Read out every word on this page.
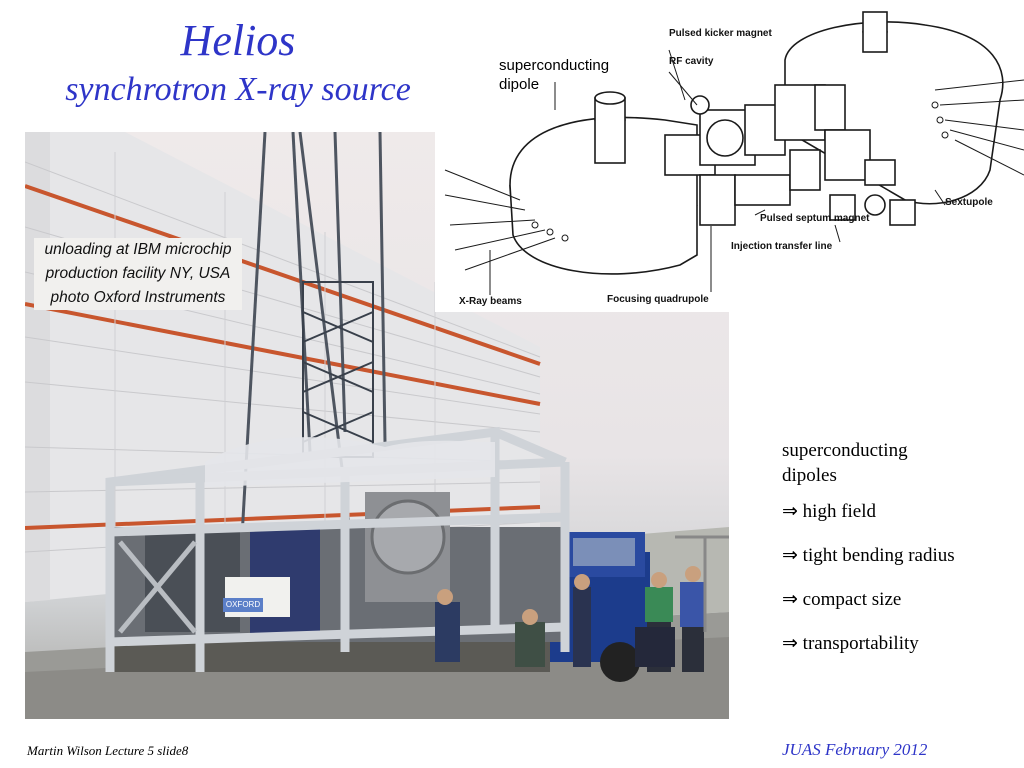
Helios
synchrotron X-ray source
OXFORD
unloading at IBM microchip
production facility NY, USA
photo Oxford Instruments
superconducting
dipole
Pulsed kicker magnet
RF cavity
Sextupole
Pulsed septum magnet
Injection transfer line
X-Ray beams	Focusing quadrupole
superconducting
dipoles
⇒ high field
⇒ tight bending radius
⇒ compact size
⇒ transportability
Martin Wilson Lecture 5 slide8	JUAS February 2012
